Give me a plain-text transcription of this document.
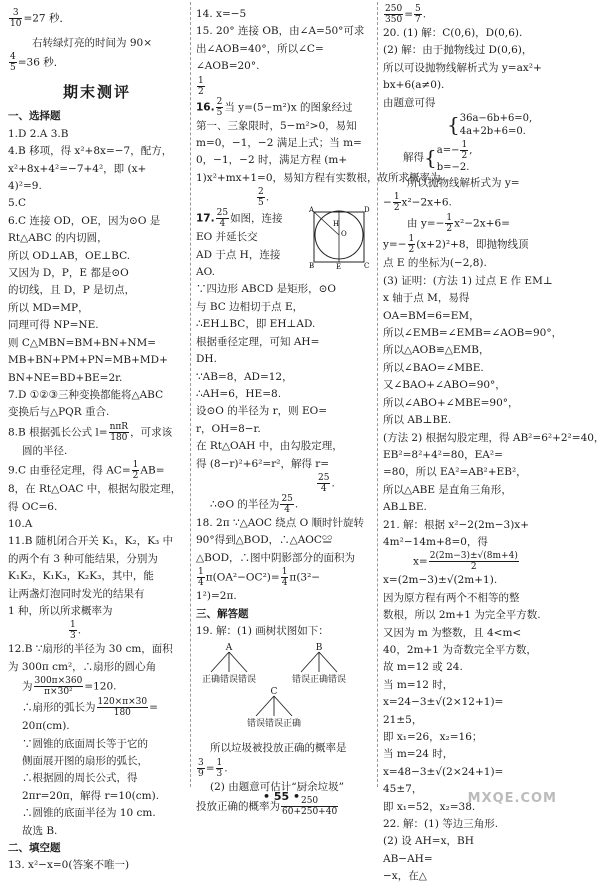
$\frac{3}{10} =27$ 秒．
右转绿灯亮的时间为 90×
$\frac{4}{5} =36$ 秒．
期末测评
一、选择题
1.D 2.A 3.B
4.B 移项，得 x²+8x=−7，配方，
x²+8x+4²=−7+4²，即 (x+
4)²=9.
5.C
6.C 连接 OD，OE，因为⊙O 是
Rt△ABC 的内切圆，
所以 OD⊥AB，OE⊥BC.
又因为 D，P，E 都是⊙O
的切线，且 D，P 是切点，
所以 MD=MP，
同理可得 NP=NE.
则 C△MBN=BM+BN+NM=
MB+BN+PM+PN=MB+MD+
BN+NE=BD+BE=2r.
7.D ①②③三种变换都能将△ABC
变换后与△PQR 重合.
8.B 根据弧长公式 $l= \frac{\text{nπR}}{180}$ ，可求该
圆的半径.
9.C 由垂径定理，得 $AC= \frac{1}{2} AB=$
8，在 Rt△OAC 中，根据勾股定理，
得 OC=6.
10.A
11.B 随机闭合开关 K₁，K₂，K₃ 中
的两个有 3 种可能结果，分别为
K₁K₂，K₁K₃，K₂K₃，其中，能
让两盏灯泡同时发光的结果有
1 种，所以所求概率为
$\frac{1}{3}$ .
12.B ∵扇形的半径为 30 cm，面积
为 300π cm²，∴扇形的圆心角
为 $\frac{300\pi\times 360}{\text{π×30²}} =120$.
∴扇形的弧长为 $\frac{120\times\pi\times 30}{180}$ =
20π(cm).
∵圆锥的底面周长等于它的
侧面展开图的扇形的弧长，
∴根据圆的周长公式，得
2πr=20π，解得 r=10(cm).
∴圆锥的底面半径为 10 cm.
故选 B.
二、填空题
13. x²−x=0(答案不唯一)
14. x=−5
15. 20° 连接 OB，由∠A=50°可求
出∠AOB=40°，所以∠C=
∠AOB=20°.
$\frac{1}{2}$
16. $\frac{2}{5}$ 当 y=(5−m²)x 的图象经过
第一、三象限时，5−m²>0，易知
m=0，−1，−2 满足上式；当 m=
0，−1，−2 时，满足方程 (m+
1)x²+mx+1=0，易知方程有实数根，故所求概率为
$\frac{2}{5}$ .
17. $\frac{25}{4}$ 如图，连接
A	D
B	C
E
O
H
EO 并延长交
AD 于点 H，连接
AO.
∵四边形 ABCD 是矩形，⊙O
与 BC 边相切于点 E，
∴EH⊥BC，即 EH⊥AD.
根据垂径定理，可知 AH=
DH.
∵AB=8，AD=12，
∴AH=6，HE=8.
设⊙O 的半径为 r，则 EO=
r，OH=8−r.
在 Rt△OAH 中，由勾股定理，
得 (8−r)²+6²=r²，解得 r=
$\frac{25}{4}$ .
∴⊙O 的半径为 $\frac{25}{4}$ .
18. 2π ∵△AOC 绕点 O 顺时针旋转
90°得到△BOD，∴△AOC≌
△BOD，∴图中阴影部分的面积为
$\frac{1}{4} \pi(OA^2-OC^2)= \frac{1}{4} \pi(3^2-$
1²)=2π.
三、解答题
19. 解：(1) 画树状图如下：
A	B
C
正确 错误 错误	错误 正确 错误
错误 错误 正确
所以垃圾被投放正确的概率是
$\frac{3}{9} = \frac{1}{3}$ .
(2) 由题意可估计“厨余垃圾”
投放正确的概率为 $\frac{250}{60+250+40}$
$\frac{250}{350} = \frac{5}{7}$ .
20. (1) 解：C(0,6)，D(0,6).
(2) 解：由于抛物线过 D(0,6)，
所以可设抛物线解析式为 y=ax²+
bx+6(a≠0).
由题意可得
{36a−6b+6=0,
4a+2b+6=0.
解得{$a=- \frac{1}{2}$ ,
b=−2.
所以抛物线解析式为 y=
− $\frac{1}{2} x^2-2x+6$.
由 $y=- \frac{1}{2} x^2-2x+6=$
$y=- \frac{1}{2} (x+2)^2+8$，即抛物线顶
点 E 的坐标为(−2,8).
(3) 证明：(方法 1) 过点 E 作 EM⊥
x 轴于点 M，易得
OA=BM=6=EM，
所以∠EMB=∠EMB=∠AOB=90°，
所以△AOB≌△EMB，
所以∠BAO=∠MBE.
又∠BAO+∠ABO=90°，
所以∠ABO+∠MBE=90°，
所以 AB⊥BE.
(方法 2) 根据勾股定理，得 AB²=6²+2²=40，
EB²=8²+4²=80，EA²=
=80，所以 EA²=AB²+EB²，
所以△ABE 是直角三角形，
AB⊥BE.
21. 解：根据 x²−2(2m−3)x+
4m²−14m+8=0，得
$x= \frac{2(2m-3)\pm√(8m+4)}{2}$
x=(2m−3)±√(2m+1).
因为原方程有两个不相等的整
数根，所以 2m+1 为完全平方数.
又因为 m 为整数，且 4<m<
40，2m+1 为奇数完全平方数，
故 m=12 或 24.
当 m=12 时，
x=24−3±√(2×12+1)=
21±5，
即 x₁=26，x₂=16；
当 m=24 时，
x=48−3±√(2×24+1)=
45±7，
即 x₁=52，x₂=38.
22. 解：(1) 等边三角形.
(2) 设 AH=x，BH
AB−AH=
−x，在△
• 55 •	MXQE.COM
